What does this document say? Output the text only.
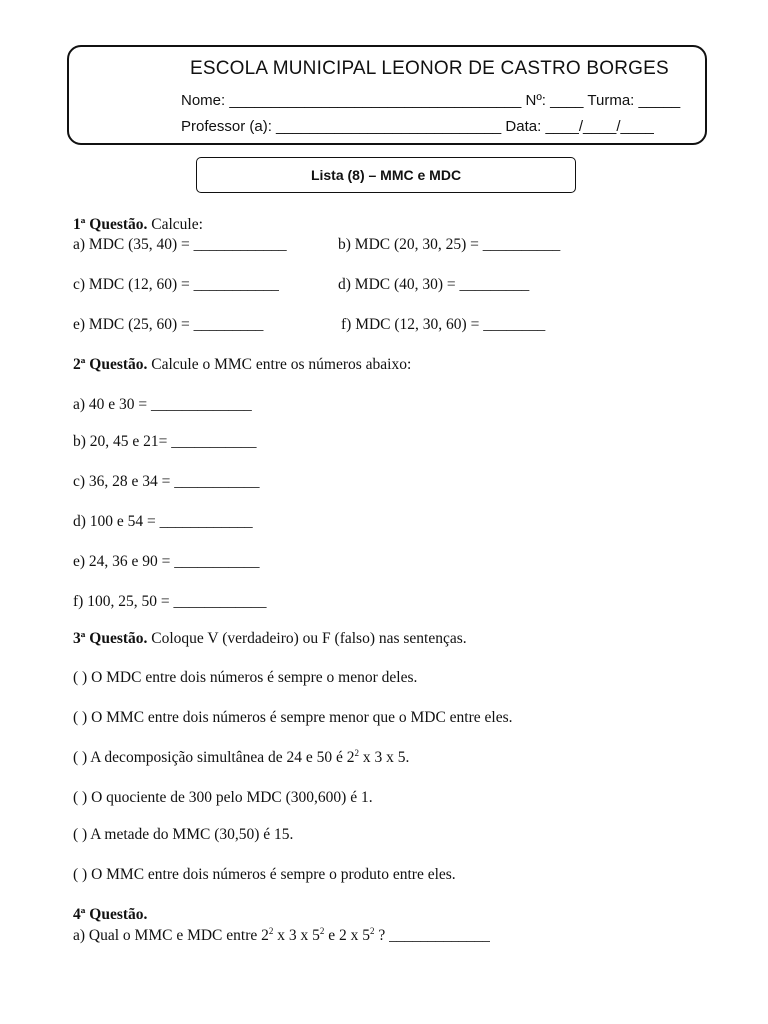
ESCOLA MUNICIPAL LEONOR DE CASTRO BORGES
Nome: ___________________________________ Nº: ____ Turma: _____
Professor (a): ___________________________ Data: ____/____/____
Lista (8) – MMC e MDC
1ª Questão. Calcule:
a) MDC (35, 40) = ____________	b) MDC (20, 30, 25) = __________
c) MDC (12, 60) = ___________	d) MDC (40, 30) = _________
e) MDC (25, 60) = _________	f) MDC (12, 30, 60) = ________
2ª Questão. Calcule o MMC entre os números abaixo:
a) 40 e 30 = _____________
b) 20, 45 e 21= ___________
c) 36, 28 e 34 = ___________
d) 100 e 54 = ____________
e) 24, 36 e 90 = ___________
f) 100, 25, 50 = ____________
3ª Questão. Coloque V (verdadeiro) ou F (falso) nas sentenças.
( ) O MDC entre dois números é sempre o menor deles.
( ) O MMC entre dois números é sempre menor que o MDC entre eles.
( ) A decomposição simultânea de 24 e 50 é $2^2$ x 3 x 5.
( ) O quociente de 300 pelo MDC (300,600) é 1.
( ) A metade do MMC (30,50) é 15.
( ) O MMC entre dois números é sempre o produto entre eles.
4ª Questão.
a) Qual o MMC e MDC entre $2^2$ x 3 x $5^2$ e 2 x $5^2$ ? _____________
